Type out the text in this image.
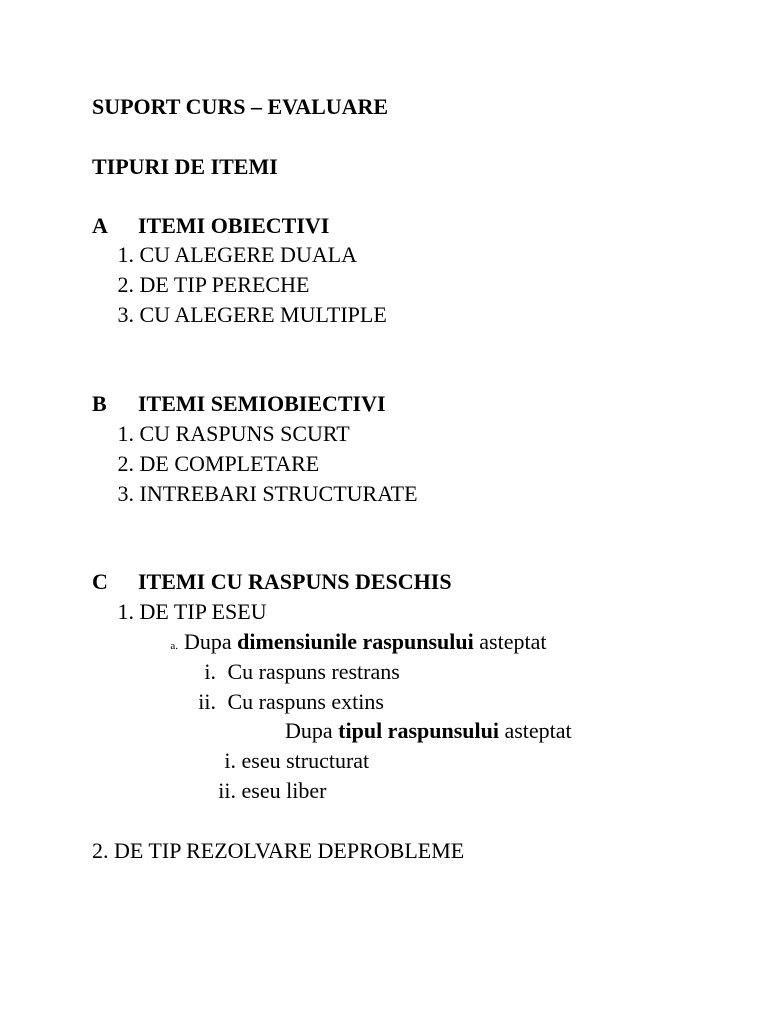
SUPORT CURS – EVALUARE
TIPURI DE ITEMI
A ITEMI OBIECTIVI
1. CU ALEGERE DUALA
2. DE TIP PERECHE
3. CU ALEGERE MULTIPLE
B ITEMI SEMIOBIECTIVI
1. CU RASPUNS SCURT
2. DE COMPLETARE
3. INTREBARI STRUCTURATE
C ITEMI CU RASPUNS DESCHIS
1. DE TIP ESEU
a. Dupa dimensiunile raspunsului asteptat
i. Cu raspuns restrans
ii. Cu raspuns extins
Dupa tipul raspunsului asteptat
i. eseu structurat
ii. eseu liber
2. DE TIP REZOLVARE DEPROBLEME
